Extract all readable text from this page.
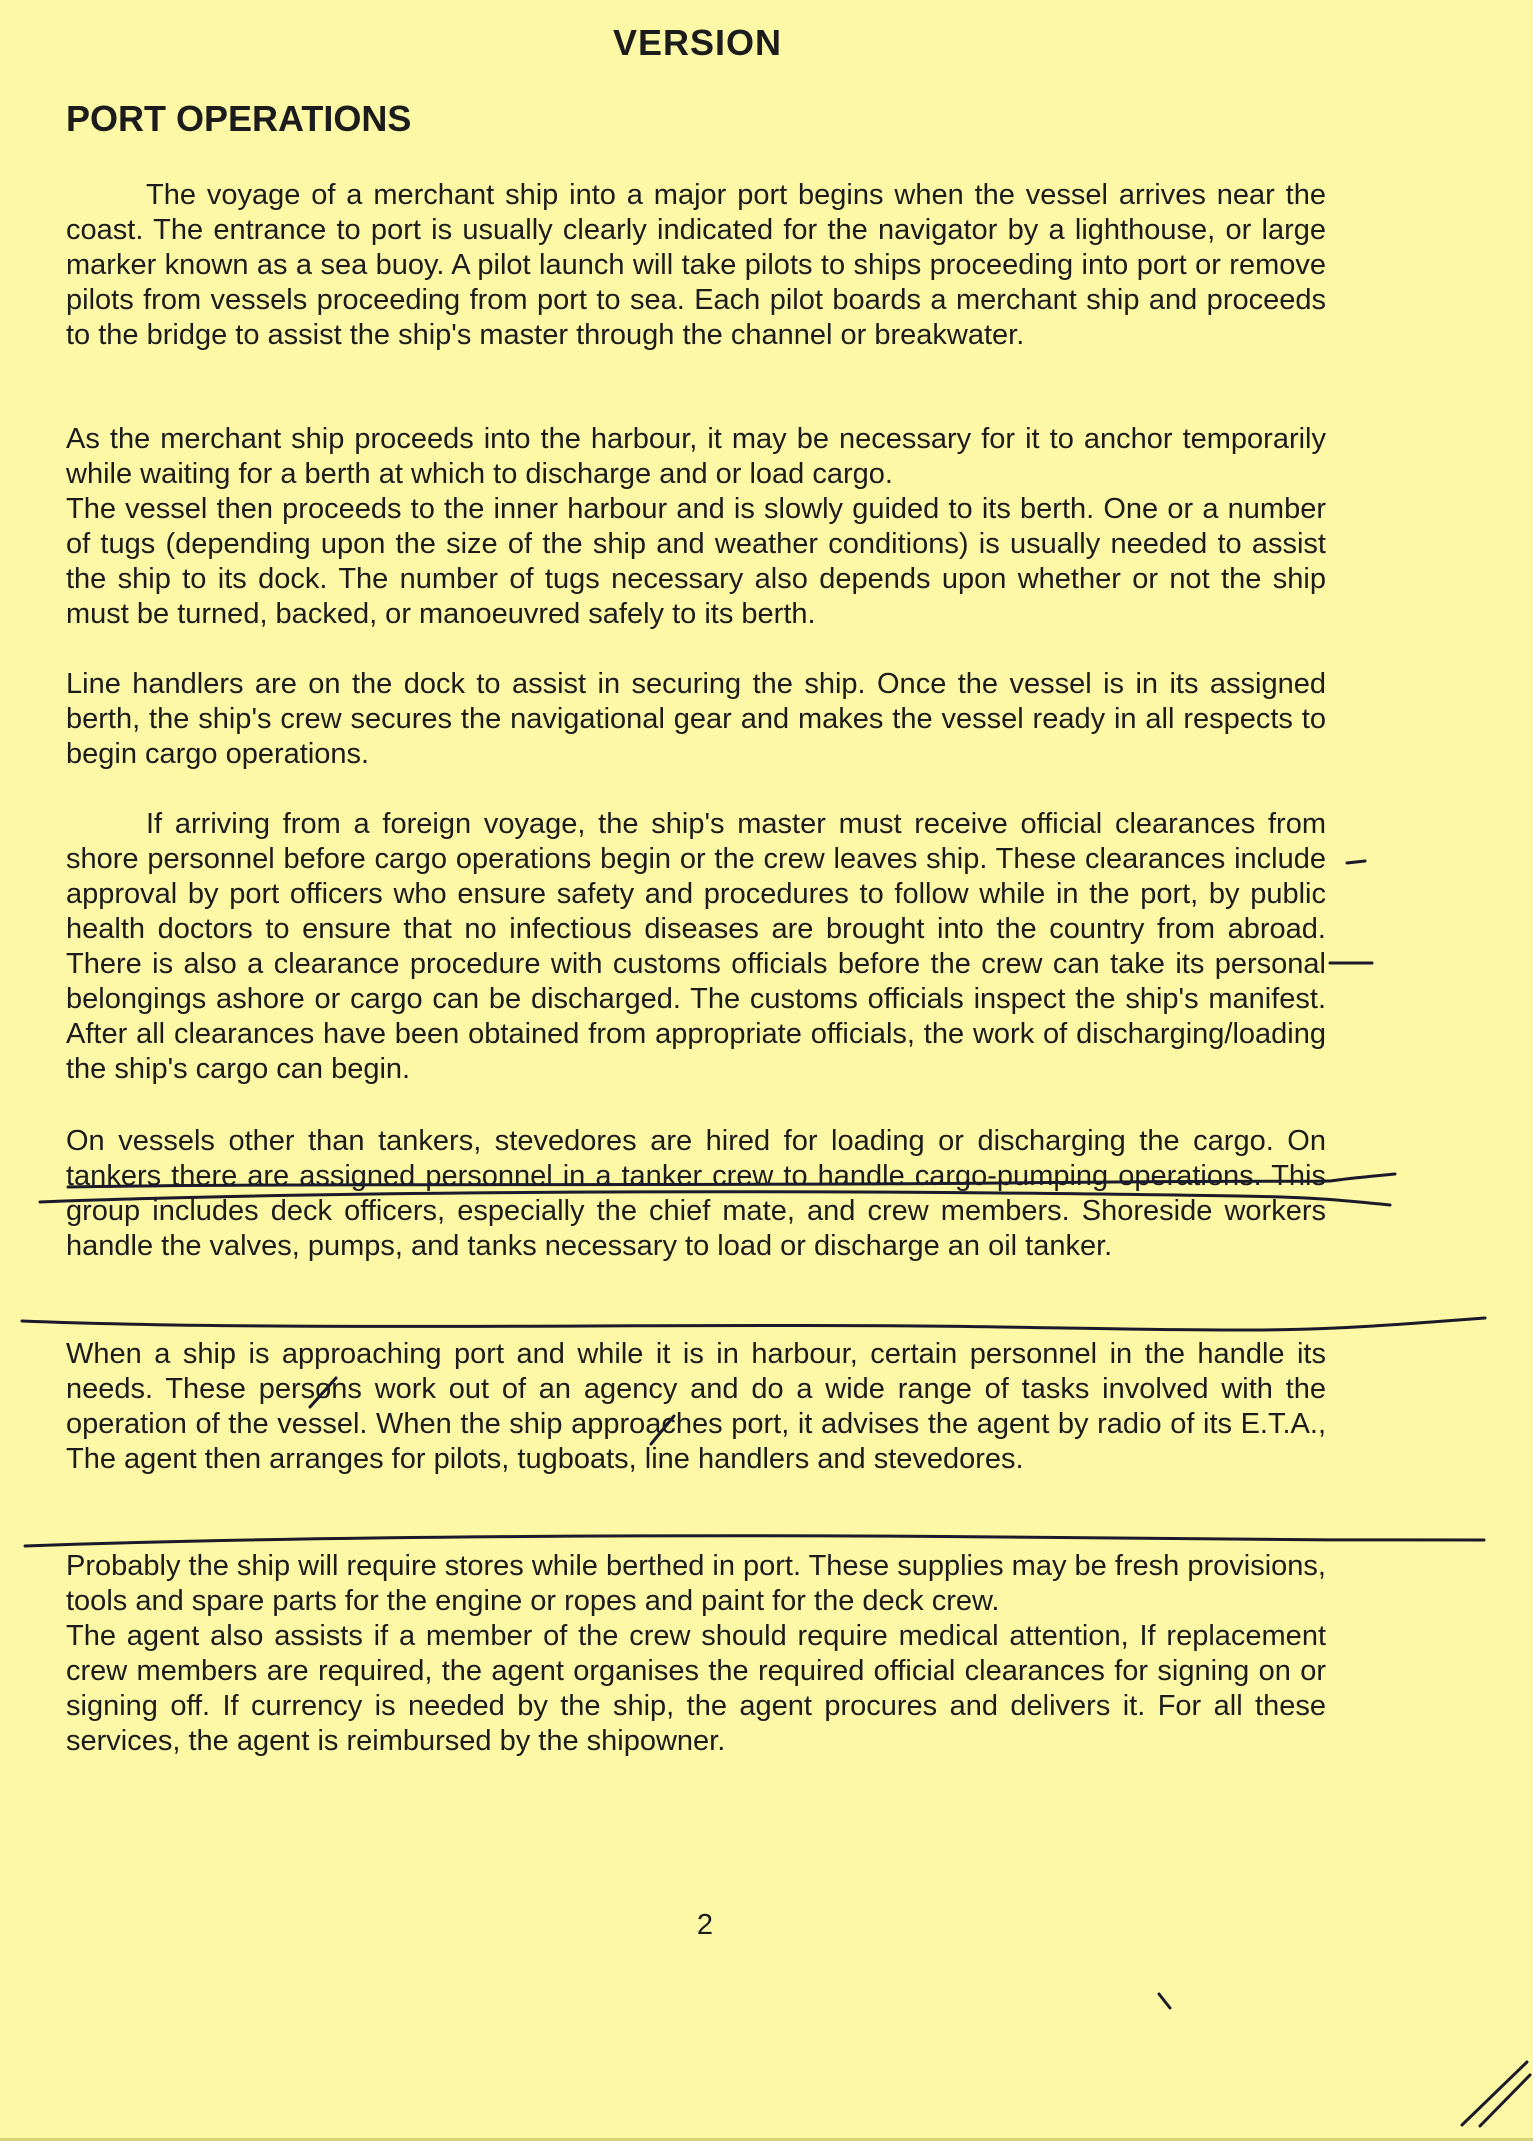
VERSION
PORT OPERATIONS

The voyage of a merchant ship into a major port begins when the vessel arrives near the coast. The entrance to port is usually clearly indicated for the navigator by a lighthouse, or large marker known as a sea buoy. A pilot launch will take pilots to ships proceeding into port or remove pilots from vessels proceeding from port to sea. Each pilot boards a merchant ship and proceeds to the bridge to assist the ship's master through the channel or breakwater.

As the merchant ship proceeds into the harbour, it may be necessary for it to anchor temporarily while waiting for a berth at which to discharge and or load cargo.

The vessel then proceeds to the inner harbour and is slowly guided to its berth. One or a number of tugs (depending upon the size of the ship and weather conditions) is usually needed to assist the ship to its dock. The number of tugs necessary also depends upon whether or not the ship must be turned, backed, or manoeuvred safely to its berth.

Line handlers are on the dock to assist in securing the ship. Once the vessel is in its assigned berth, the ship's crew secures the navigational gear and makes the vessel ready in all respects to begin cargo operations.

If arriving from a foreign voyage, the ship's master must receive official clearances from shore personnel before cargo operations begin or the crew leaves ship. These clearances include approval by port officers who ensure safety and procedures to follow while in the port, by public health doctors to ensure that no infectious diseases are brought into the country from abroad. There is also a clearance procedure with customs officials before the crew can take its personal belongings ashore or cargo can be discharged. The customs officials inspect the ship's manifest. After all clearances have been obtained from appropriate officials, the work of discharging/loading the ship's cargo can begin.

On vessels other than tankers, stevedores are hired for loading or discharging the cargo. On tankers there are assigned personnel in a tanker crew to handle cargo-pumping operations. This group includes deck officers, especially the chief mate, and crew members. Shoreside workers handle the valves, pumps, and tanks necessary to load or discharge an oil tanker.

When a ship is approaching port and while it is in harbour, certain personnel in the handle its needs. These persons work out of an agency and do a wide range of tasks involved with the operation of the vessel. When the ship approaches port, it advises the agent by radio of its E.T.A., The agent then arranges for pilots, tugboats, line handlers and stevedores.

Probably the ship will require stores while berthed in port. These supplies may be fresh provisions, tools and spare parts for the engine or ropes and paint for the deck crew.

The agent also assists if a member of the crew should require medical attention, If replacement crew members are required, the agent organises the required official clearances for signing on or signing off. If currency is needed by the ship, the agent procures and delivers it. For all these services, the agent is reimbursed by the shipowner.

2
